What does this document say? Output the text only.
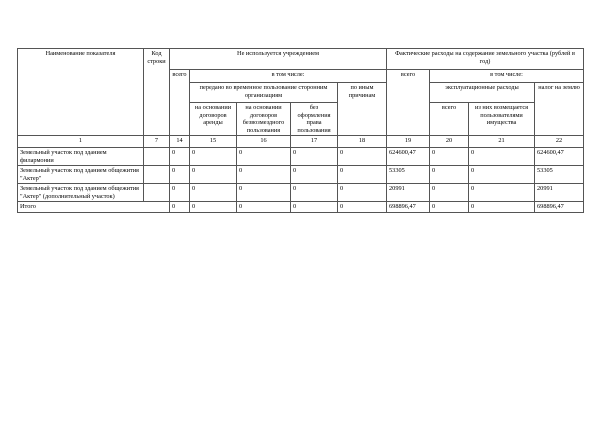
Наименование показателя	Код строки	Не используется учреждением					Фактические расходы на содержание земельного участка (рублей в год)			
		всего	в том числе:				всего	в том числе:		
			передано во временное пользование сторонним организациям			по иным причинам		эксплуатационные расходы		налог на землю
			на основании договоров аренды	на основании договоров безвозмездного пользования	без оформления права пользования			всего	из них возмещается пользователями имущества	
1	7	14	15	16	17	18	19	20	21	22
Земельный участок под зданием филармонии		0	0	0	0	0	624600,47	0	0	624600,47
Земельный участок под зданием общежития "Актер"		0	0	0	0	0	53305	0	0	53305
Земельный участок под зданием общежития "Актер" (дополнительный участок)		0	0	0	0	0	20991	0	0	20991
Итого		0	0	0	0	0	698896,47	0	0	698896,47
